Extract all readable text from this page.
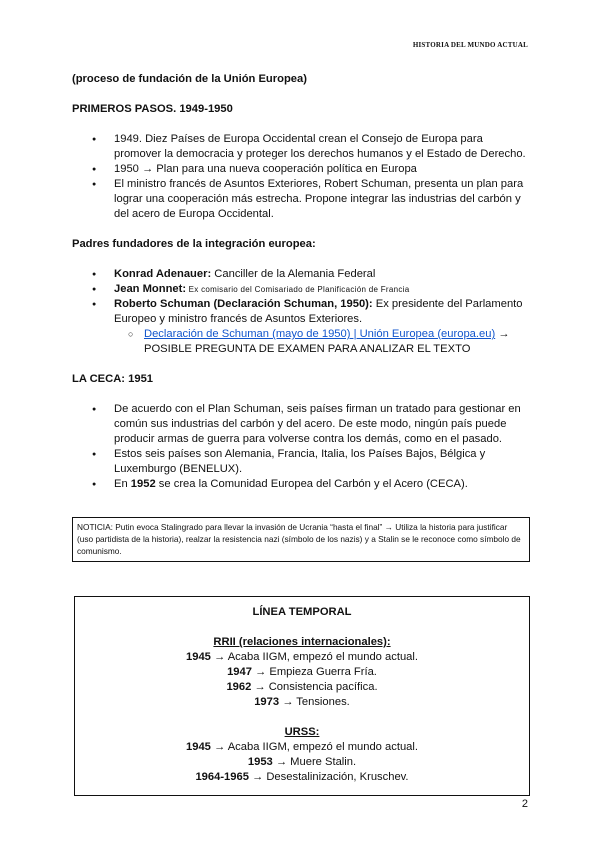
HISTORIA DEL MUNDO ACTUAL

(proceso de fundación de la Unión Europea)

PRIMEROS PASOS. 1949-1950

● 1949. Diez Países de Europa Occidental crean el Consejo de Europa para promover la democracia y proteger los derechos humanos y el Estado de Derecho.
● 1950 → Plan para una nueva cooperación política en Europa
● El ministro francés de Asuntos Exteriores, Robert Schuman, presenta un plan para lograr una cooperación más estrecha. Propone integrar las industrias del carbón y del acero de Europa Occidental.

Padres fundadores de la integración europea:

● Konrad Adenauer: Canciller de la Alemania Federal
● Jean Monnet: Ex comisario del Comisariado de Planificación de Francia
● Roberto Schuman (Declaración Schuman, 1950): Ex presidente del Parlamento Europeo y ministro francés de Asuntos Exteriores.
○ Declaración de Schuman (mayo de 1950) | Unión Europea (europa.eu) → POSIBLE PREGUNTA DE EXAMEN PARA ANALIZAR EL TEXTO

LA CECA: 1951

● De acuerdo con el Plan Schuman, seis países firman un tratado para gestionar en común sus industrias del carbón y del acero. De este modo, ningún país puede producir armas de guerra para volverse contra los demás, como en el pasado.
● Estos seis países son Alemania, Francia, Italia, los Países Bajos, Bélgica y Luxemburgo (BENELUX).
● En 1952 se crea la Comunidad Europea del Carbón y el Acero (CECA).
NOTICIA: Putin evoca Stalingrado para llevar la invasión de Ucrania “hasta el final” → Utiliza la historia para justificar (uso partidista de la historia), realzar la resistencia nazi (símbolo de los nazis) y a Stalin se le reconoce como símbolo de comunismo.
LÍNEA TEMPORAL
RRII (relaciones internacionales):
1945 → Acaba IIGM, empezó el mundo actual.
1947 → Empieza Guerra Fría.
1962 → Consistencia pacífica.
1973 → Tensiones.
URSS:
1945 → Acaba IIGM, empezó el mundo actual.
1953 → Muere Stalin.
1964-1965 → Desestalinización, Kruschev.
2
